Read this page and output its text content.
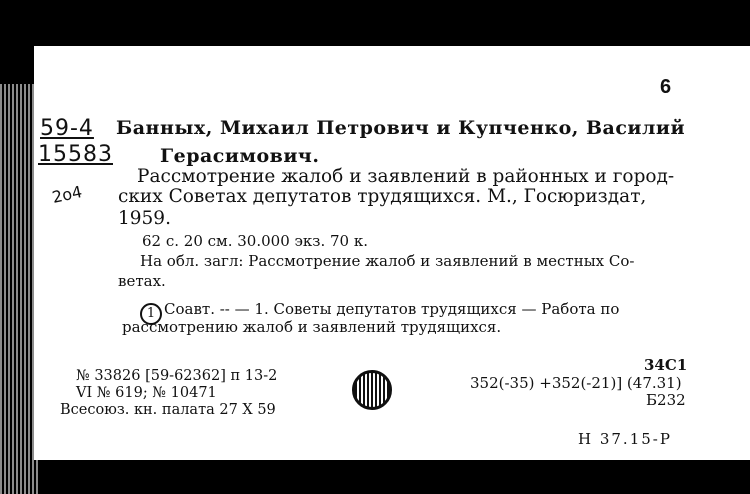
6
59-4
15583
2о4
Банных, Михаил Петрович и Купченко, Василий
Герасимович.
Рассмотрение жалоб и заявлений в районных и город-
ских Советах депутатов трудящихся. М., Госюриздат,
1959.
62 с. 20 см. 30.000 экз. 70 к.
На обл. загл: Рассмотрение жалоб и заявлений в местных Со-
ветах.
1 Соавт. -- — 1. Советы депутатов трудящихся — Работа по
рассмотрению жалоб и заявлений трудящихся.
№ 33826 [59-62362] п 13-2
VI № 619; № 10471
Всесоюз. кн. палата 27 X 59
34С1
352(-35) +352(-21)] (47.31)
Б232
Н 37.15-Р
